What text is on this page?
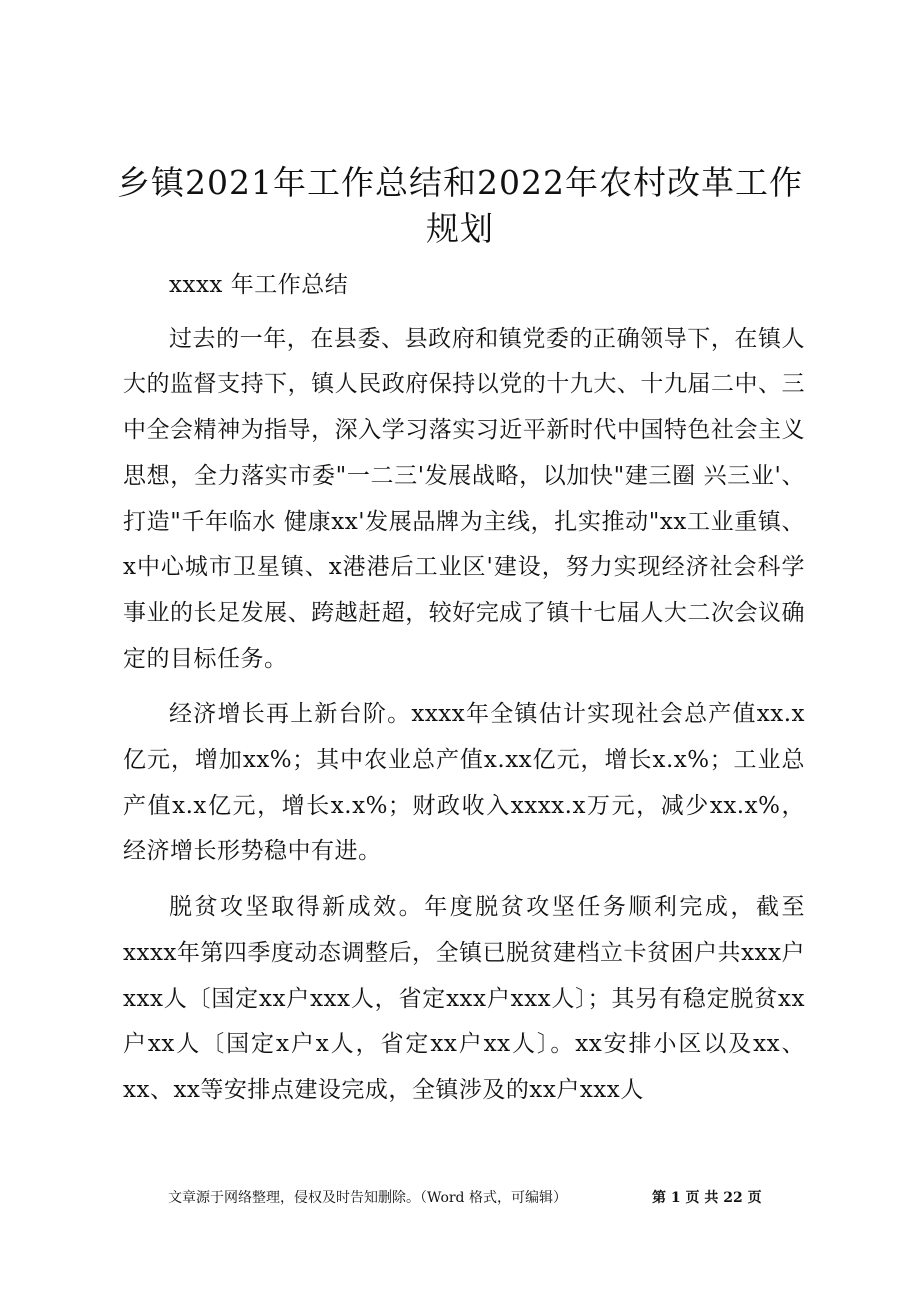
乡镇2021年工作总结和2022年农村改革工作规划

xxxx 年工作总结

过去的一年，在县委、县政府和镇党委的正确领导下，在镇人大的监督支持下，镇人民政府保持以党的十九大、十九届二中、三中全会精神为指导，深入学习落实习近平新时代中国特色社会主义思想，全力落实市委"一二三'发展战略，以加快"建三圈 兴三业'、打造"千年临水 健康xx'发展品牌为主线，扎实推动"xx工业重镇、x中心城市卫星镇、x港港后工业区'建设，努力实现经济社会科学事业的长足发展、跨越赶超，较好完成了镇十七届人大二次会议确定的目标任务。

经济增长再上新台阶。xxxx年全镇估计实现社会总产值xx.x亿元，增加xx%；其中农业总产值x.xx亿元，增长x.x%；工业总产值x.x亿元，增长x.x%；财政收入xxxx.x万元，减少xx.x%，经济增长形势稳中有进。

脱贫攻坚取得新成效。年度脱贫攻坚任务顺利完成，截至xxxx年第四季度动态调整后，全镇已脱贫建档立卡贫困户共xxx户xxx人〔国定xx户xxx人，省定xxx户xxx人〕；其另有稳定脱贫xx户xx人〔国定x户x人，省定xx户xx人〕。xx安排小区以及xx、xx、xx等安排点建设完成，全镇涉及的xx户xxx人

文章源于网络整理，侵权及时告知删除。（Word 格式，可编辑）	第 1 页 共 22 页
